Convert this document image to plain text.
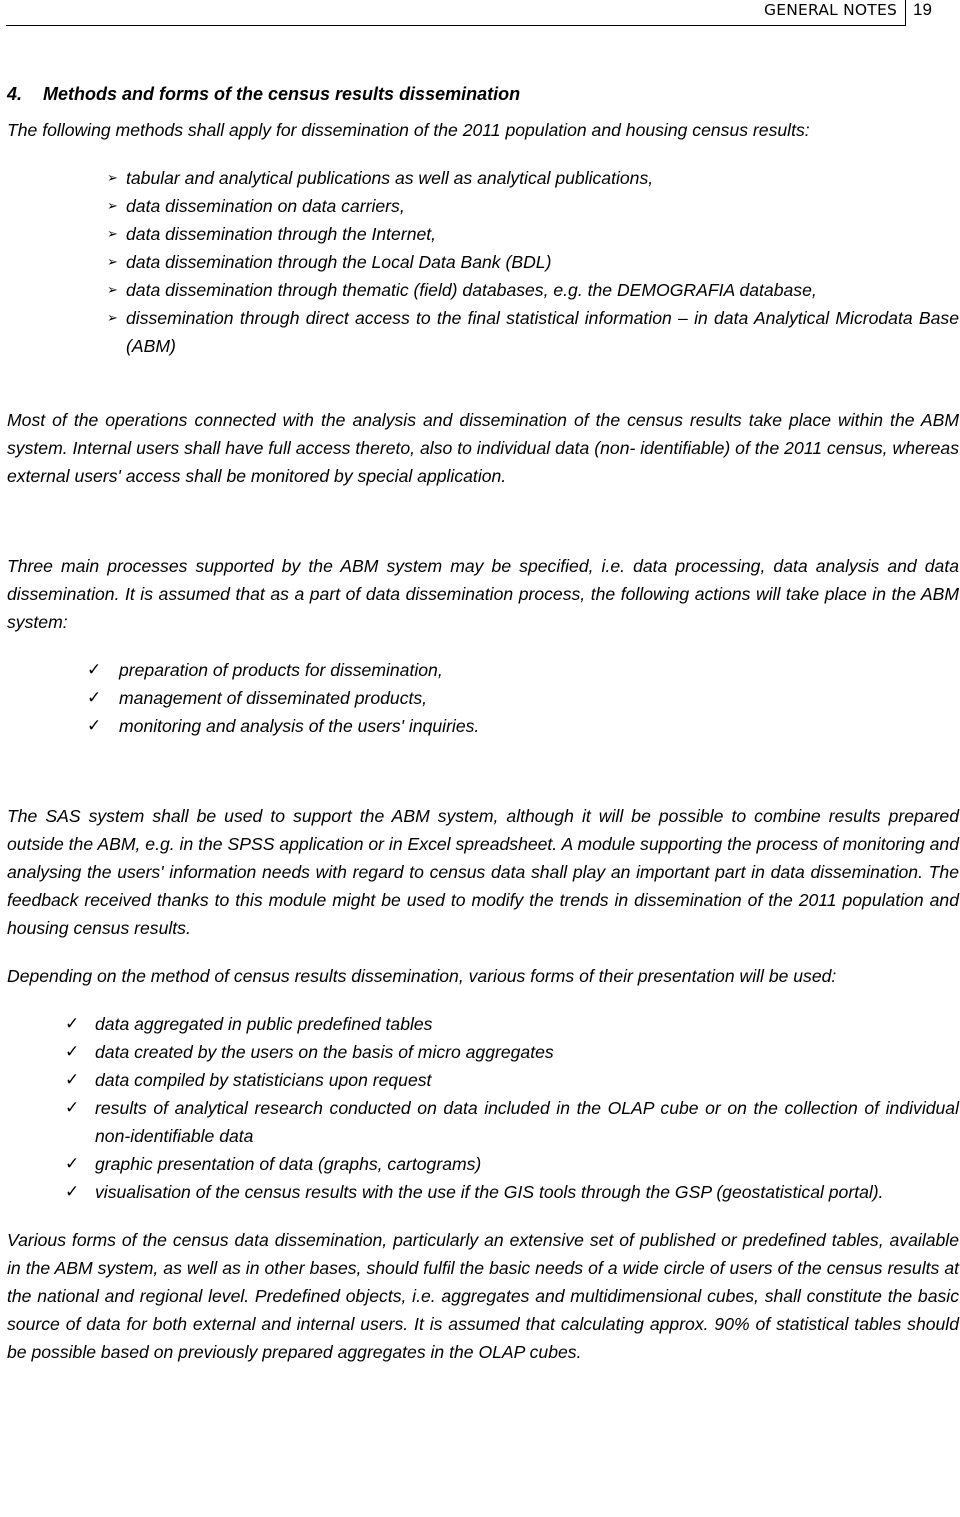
GENERAL NOTES 19
4. Methods and forms of the census results dissemination

The following methods shall apply for dissemination of the 2011 population and housing census results:

➢ tabular and analytical publications as well as analytical publications,
➢ data dissemination on data carriers,
➢ data dissemination through the Internet,
➢ data dissemination through the Local Data Bank (BDL)
➢ data dissemination through thematic (field) databases, e.g. the DEMOGRAFIA database,
➢ dissemination through direct access to the final statistical information – in data Analytical Microdata Base (ABM)

Most of the operations connected with the analysis and dissemination of the census results take place within the ABM system. Internal users shall have full access thereto, also to individual data (non- identifiable) of the 2011 census, whereas external users' access shall be monitored by special application.

Three main processes supported by the ABM system may be specified, i.e. data processing, data analysis and data dissemination. It is assumed that as a part of data dissemination process, the following actions will take place in the ABM system:

✓ preparation of products for dissemination,
✓ management of disseminated products,
✓ monitoring and analysis of the users' inquiries.

The SAS system shall be used to support the ABM system, although it will be possible to combine results prepared outside the ABM, e.g. in the SPSS application or in Excel spreadsheet. A module supporting the process of monitoring and analysing the users' information needs with regard to census data shall play an important part in data dissemination. The feedback received thanks to this module might be used to modify the trends in dissemination of the 2011 population and housing census results.

Depending on the method of census results dissemination, various forms of their presentation will be used:

✓ data aggregated in public predefined tables
✓ data created by the users on the basis of micro aggregates
✓ data compiled by statisticians upon request
✓ results of analytical research conducted on data included in the OLAP cube or on the collection of individual non-identifiable data
✓ graphic presentation of data (graphs, cartograms)
✓ visualisation of the census results with the use if the GIS tools through the GSP (geostatistical portal).

Various forms of the census data dissemination, particularly an extensive set of published or predefined tables, available in the ABM system, as well as in other bases, should fulfil the basic needs of a wide circle of users of the census results at the national and regional level. Predefined objects, i.e. aggregates and multidimensional cubes, shall constitute the basic source of data for both external and internal users. It is assumed that calculating approx. 90% of statistical tables should be possible based on previously prepared aggregates in the OLAP cubes.
